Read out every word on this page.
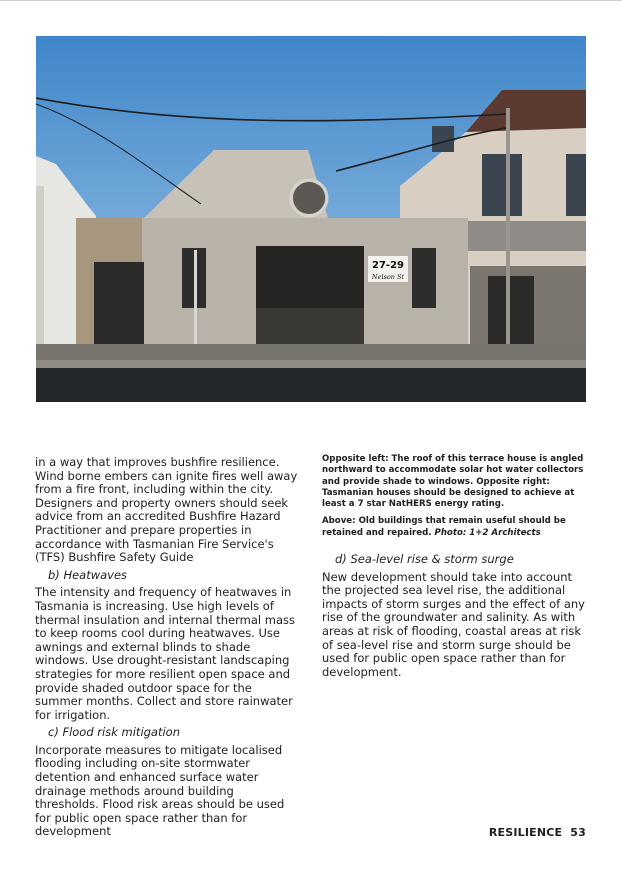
27-29
Nelson St

in a way that improves bushfire resilience. Wind borne embers can ignite fires well away from a fire front, including within the city. Designers and property owners should seek advice from an accredited Bushfire Hazard Practitioner and prepare properties in accordance with Tasmanian Fire Service's (TFS) Bushfire Safety Guide

b) Heatwaves

The intensity and frequency of heatwaves in Tasmania is increasing. Use high levels of thermal insulation and internal thermal mass to keep rooms cool during heatwaves. Use awnings and external blinds to shade windows. Use drought-resistant landscaping strategies for more resilient open space and provide shaded outdoor space for the summer months. Collect and store rainwater for irrigation.

c) Flood risk mitigation

Incorporate measures to mitigate localised flooding including on-site stormwater detention and enhanced surface water drainage methods around building thresholds. Flood risk areas should be used for public open space rather than for development

Opposite left: The roof of this terrace house is angled northward to accommodate solar hot water collectors and provide shade to windows. Opposite right: Tasmanian houses should be designed to achieve at least a 7 star NatHERS energy rating.

Above: Old buildings that remain useful should be retained and repaired. Photo: 1+2 Architects

d) Sea-level rise & storm surge

New development should take into account the projected sea level rise, the additional impacts of storm surges and the effect of any rise of the groundwater and salinity. As with areas at risk of flooding, coastal areas at risk of sea-level rise and storm surge should be used for public open space rather than for development.

RESILIENCE 53
